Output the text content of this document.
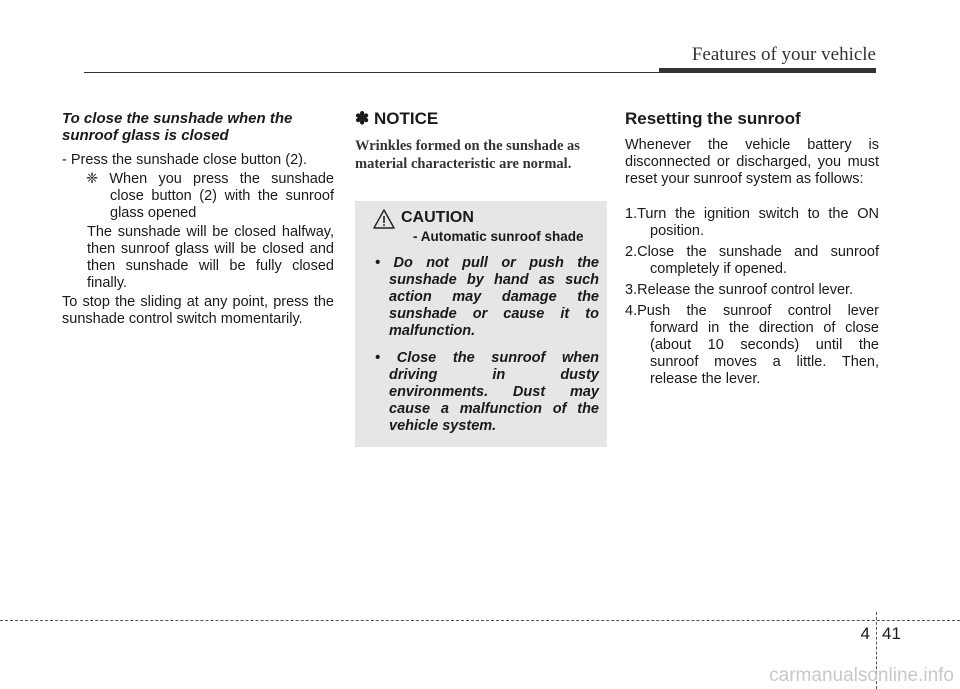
Features of your vehicle

To close the sunshade when the sunroof glass is closed

- Press the sunshade close button (2).

❈ When you press the sunshade close button (2) with the sunroof glass opened

The sunshade will be closed halfway, then sunroof glass will be closed and then sunshade will be fully closed finally.

To stop the sliding at any point, press the sunshade control switch momentarily.

✽ NOTICE

Wrinkles formed on the sunshade as material characteristic are normal.

CAUTION
- Automatic sunroof shade

• Do not pull or push the sunshade by hand as such action may damage the sunshade or cause it to malfunction.

• Close the sunroof when driving in dusty environments. Dust may cause a malfunction of the vehicle system.

Resetting the sunroof

Whenever the vehicle battery is disconnected or discharged, you must reset your sunroof system as follows:

1.Turn the ignition switch to the ON position.

2.Close the sunshade and sunroof completely if opened.

3.Release the sunroof control lever.

4.Push the sunroof control lever forward in the direction of close (about 10 seconds) until the sunroof moves a little. Then, release the lever.

4 41
carmanualsonline.info
